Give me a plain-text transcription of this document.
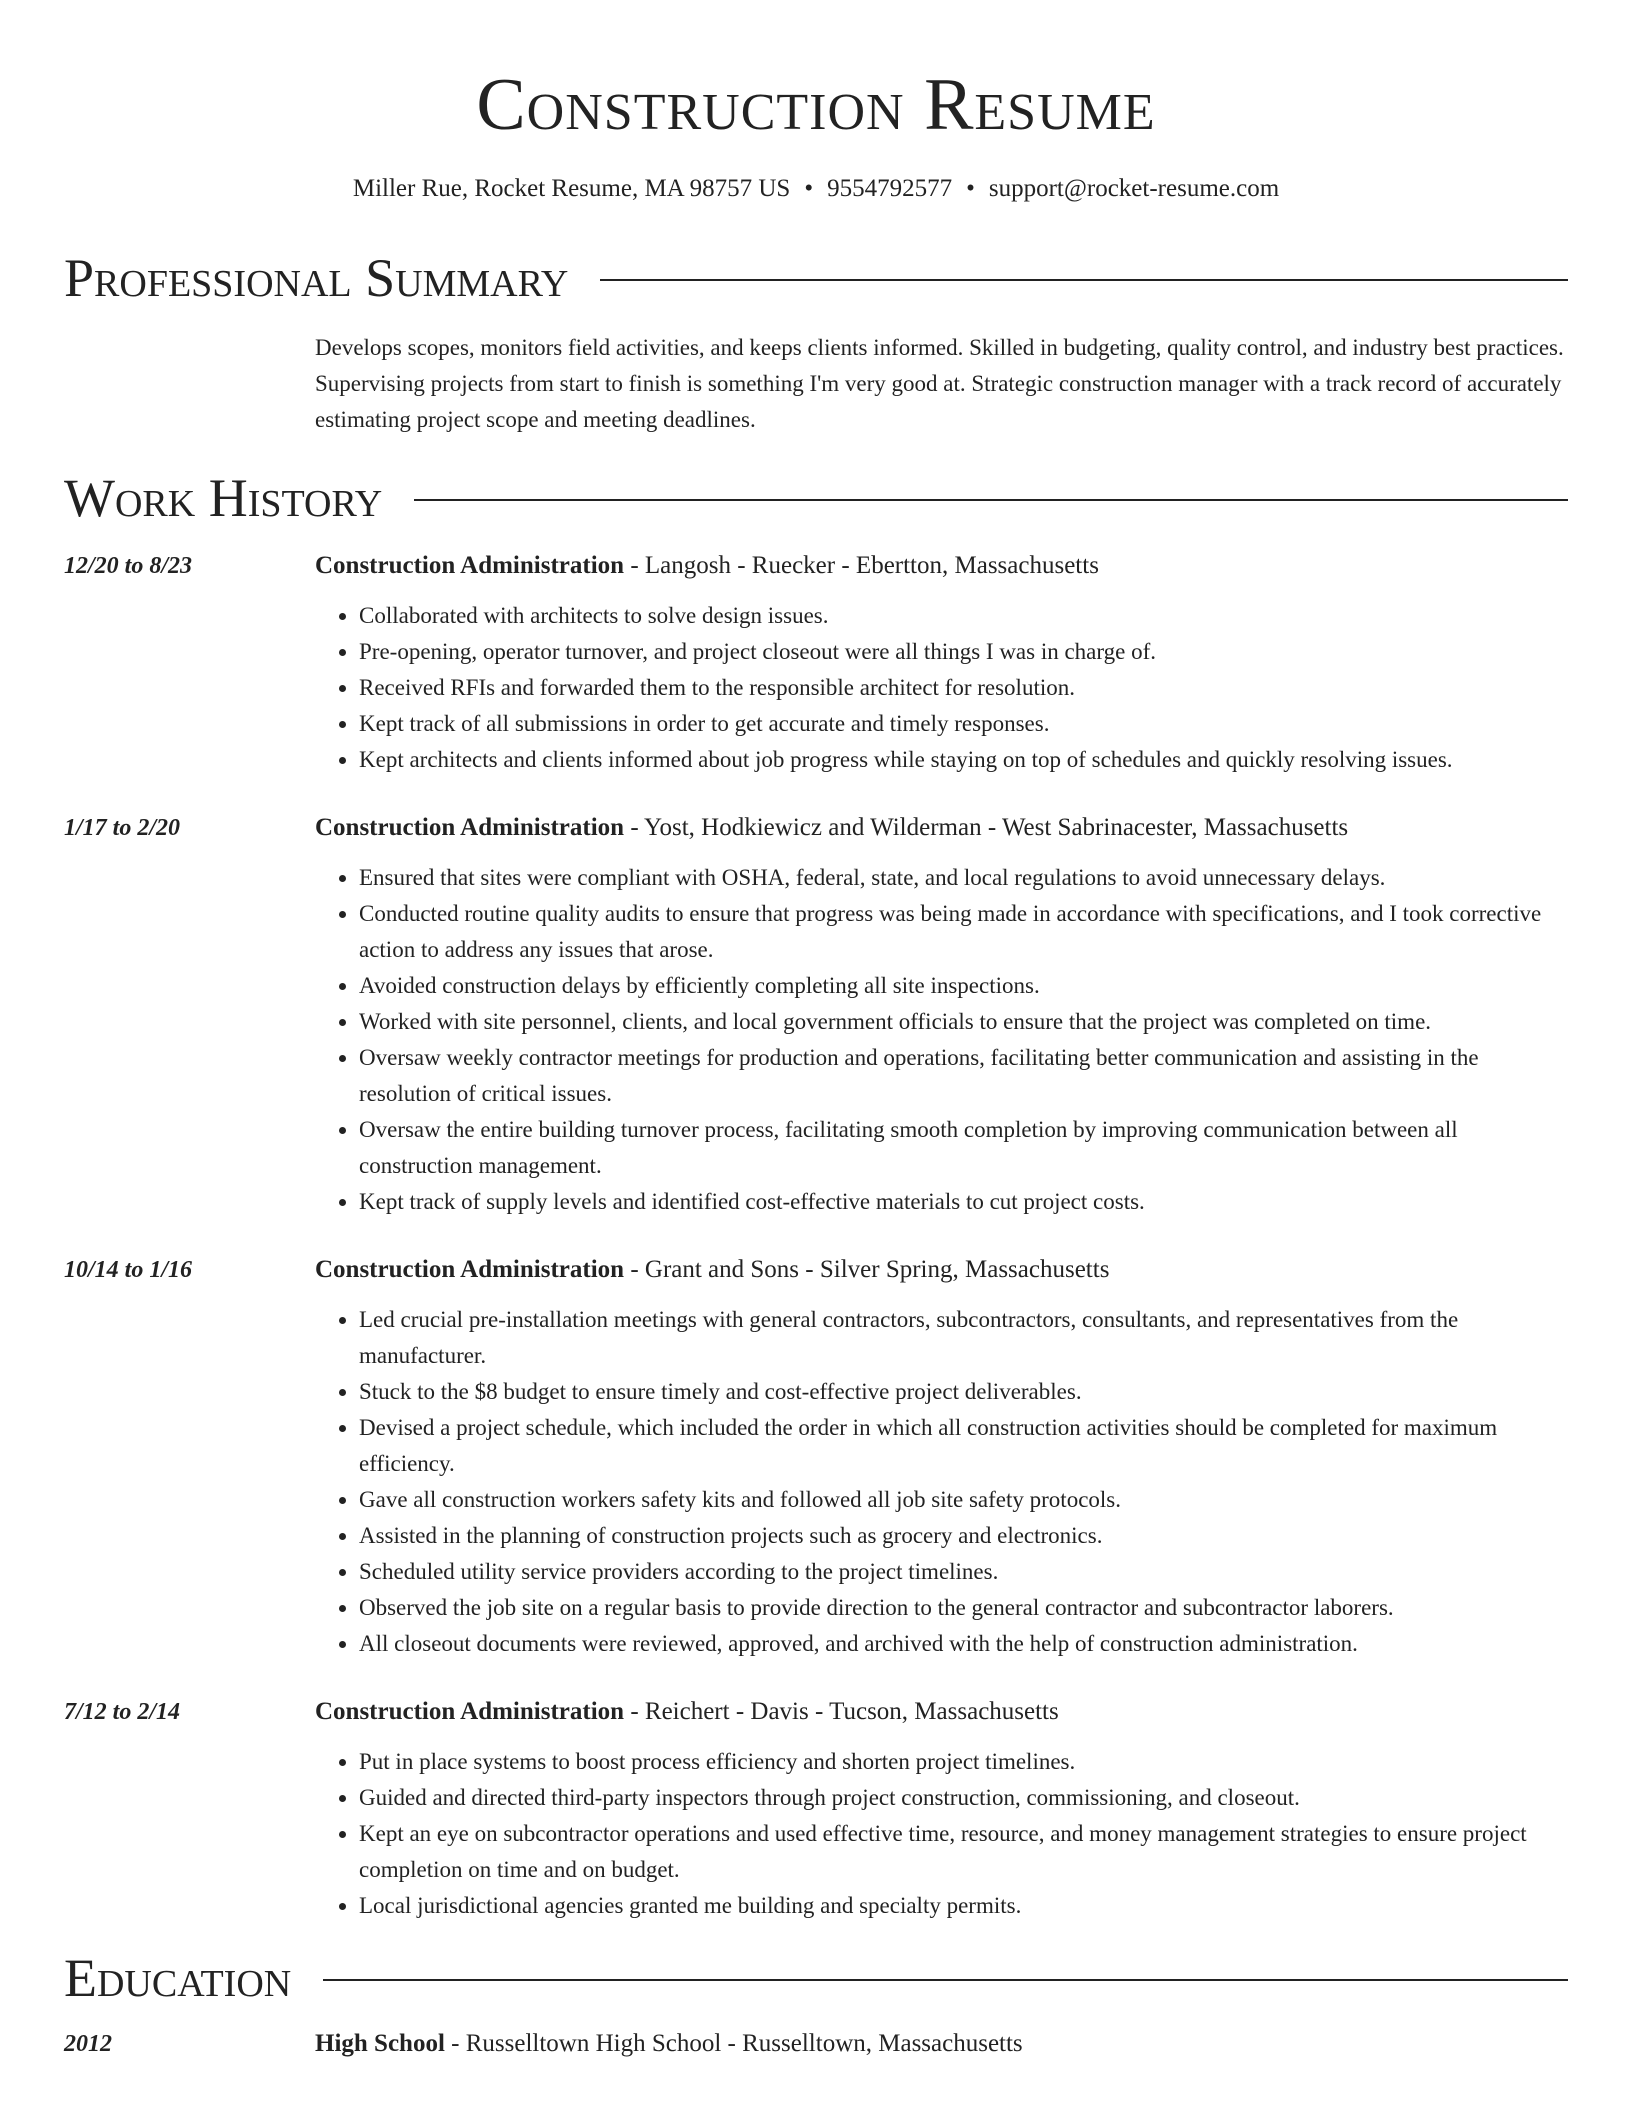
Construction Resume
Miller Rue, Rocket Resume, MA 98757 US • 9554792577 • support@rocket-resume.com
Professional Summary
Develops scopes, monitors field activities, and keeps clients informed. Skilled in budgeting, quality control, and industry best practices. Supervising projects from start to finish is something I'm very good at. Strategic construction manager with a track record of accurately estimating project scope and meeting deadlines.
Work History
12/20 to 8/23	Construction Administration - Langosh - Ruecker - Ebertton, Massachusetts
• Collaborated with architects to solve design issues.
• Pre-opening, operator turnover, and project closeout were all things I was in charge of.
• Received RFIs and forwarded them to the responsible architect for resolution.
• Kept track of all submissions in order to get accurate and timely responses.
• Kept architects and clients informed about job progress while staying on top of schedules and quickly resolving issues.
1/17 to 2/20	Construction Administration - Yost, Hodkiewicz and Wilderman - West Sabrinacester, Massachusetts
• Ensured that sites were compliant with OSHA, federal, state, and local regulations to avoid unnecessary delays.
• Conducted routine quality audits to ensure that progress was being made in accordance with specifications, and I took corrective action to address any issues that arose.
• Avoided construction delays by efficiently completing all site inspections.
• Worked with site personnel, clients, and local government officials to ensure that the project was completed on time.
• Oversaw weekly contractor meetings for production and operations, facilitating better communication and assisting in the resolution of critical issues.
• Oversaw the entire building turnover process, facilitating smooth completion by improving communication between all construction management.
• Kept track of supply levels and identified cost-effective materials to cut project costs.
10/14 to 1/16	Construction Administration - Grant and Sons - Silver Spring, Massachusetts
• Led crucial pre-installation meetings with general contractors, subcontractors, consultants, and representatives from the manufacturer.
• Stuck to the $8 budget to ensure timely and cost-effective project deliverables.
• Devised a project schedule, which included the order in which all construction activities should be completed for maximum efficiency.
• Gave all construction workers safety kits and followed all job site safety protocols.
• Assisted in the planning of construction projects such as grocery and electronics.
• Scheduled utility service providers according to the project timelines.
• Observed the job site on a regular basis to provide direction to the general contractor and subcontractor laborers.
• All closeout documents were reviewed, approved, and archived with the help of construction administration.
7/12 to 2/14	Construction Administration - Reichert - Davis - Tucson, Massachusetts
• Put in place systems to boost process efficiency and shorten project timelines.
• Guided and directed third-party inspectors through project construction, commissioning, and closeout.
• Kept an eye on subcontractor operations and used effective time, resource, and money management strategies to ensure project completion on time and on budget.
• Local jurisdictional agencies granted me building and specialty permits.
Education
2012	High School - Russelltown High School - Russelltown, Massachusetts
